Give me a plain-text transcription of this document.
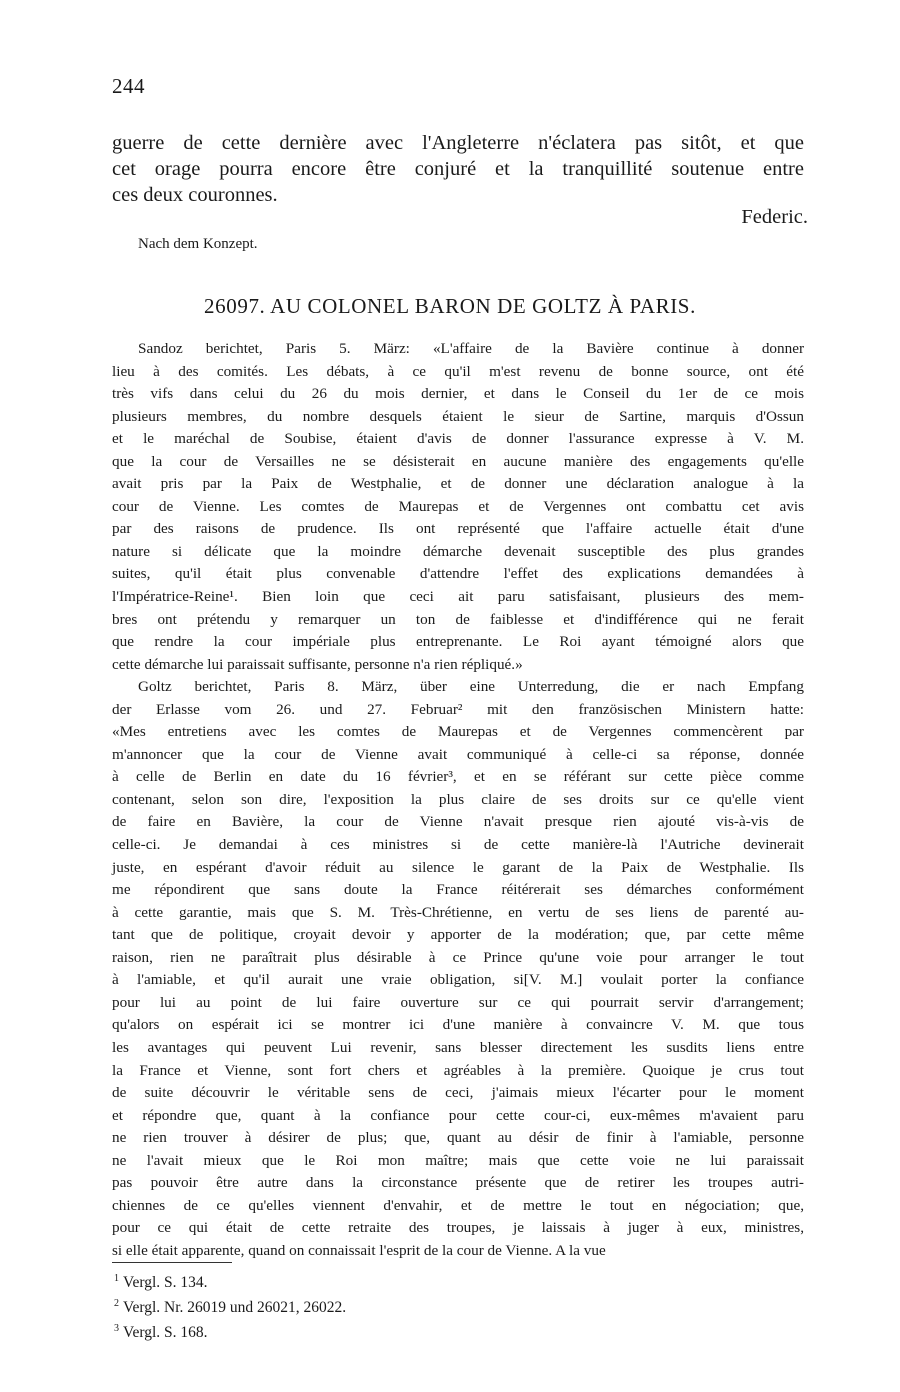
244
guerre de cette dernière avec l'Angleterre n'éclatera pas sitôt, et que
cet orage pourra encore être conjuré et la tranquillité soutenue entre
ces deux couronnes.
Federic.
Nach dem Konzept.
26097. AU COLONEL BARON DE GOLTZ À PARIS.
Sandoz berichtet, Paris 5. März: «L'affaire de la Bavière continue à donner
lieu à des comités. Les débats, à ce qu'il m'est revenu de bonne source, ont été
très vifs dans celui du 26 du mois dernier, et dans le Conseil du 1er de ce mois
plusieurs membres, du nombre desquels étaient le sieur de Sartine, marquis d'Ossun
et le maréchal de Soubise, étaient d'avis de donner l'assurance expresse à V. M.
que la cour de Versailles ne se désisterait en aucune manière des engagements qu'elle
avait pris par la Paix de Westphalie, et de donner une déclaration analogue à la
cour de Vienne. Les comtes de Maurepas et de Vergennes ont combattu cet avis
par des raisons de prudence. Ils ont représenté que l'affaire actuelle était d'une
nature si délicate que la moindre démarche devenait susceptible des plus grandes
suites, qu'il était plus convenable d'attendre l'effet des explications demandées à
l'Impératrice-Reine¹. Bien loin que ceci ait paru satisfaisant, plusieurs des mem-
bres ont prétendu y remarquer un ton de faiblesse et d'indifférence qui ne ferait
que rendre la cour impériale plus entreprenante. Le Roi ayant témoigné alors que
cette démarche lui paraissait suffisante, personne n'a rien répliqué.»
Goltz berichtet, Paris 8. März, über eine Unterredung, die er nach Empfang
der Erlasse vom 26. und 27. Februar² mit den französischen Ministern hatte:
«Mes entretiens avec les comtes de Maurepas et de Vergennes commencèrent par
m'annoncer que la cour de Vienne avait communiqué à celle-ci sa réponse, donnée
à celle de Berlin en date du 16 février³, et en se référant sur cette pièce comme
contenant, selon son dire, l'exposition la plus claire de ses droits sur ce qu'elle vient
de faire en Bavière, la cour de Vienne n'avait presque rien ajouté vis-à-vis de
celle-ci. Je demandai à ces ministres si de cette manière-là l'Autriche devinerait
juste, en espérant d'avoir réduit au silence le garant de la Paix de Westphalie. Ils
me répondirent que sans doute la France réitérerait ses démarches conformément
à cette garantie, mais que S. M. Très-Chrétienne, en vertu de ses liens de parenté au-
tant que de politique, croyait devoir y apporter de la modération; que, par cette même
raison, rien ne paraîtrait plus désirable à ce Prince qu'une voie pour arranger le tout
à l'amiable, et qu'il aurait une vraie obligation, si[V. M.] voulait porter la confiance
pour lui au point de lui faire ouverture sur ce qui pourrait servir d'arrangement;
qu'alors on espérait ici se montrer ici d'une manière à convaincre V. M. que tous
les avantages qui peuvent Lui revenir, sans blesser directement les susdits liens entre
la France et Vienne, sont fort chers et agréables à la première. Quoique je crus tout
de suite découvrir le véritable sens de ceci, j'aimais mieux l'écarter pour le moment
et répondre que, quant à la confiance pour cette cour-ci, eux-mêmes m'avaient paru
ne rien trouver à désirer de plus; que, quant au désir de finir à l'amiable, personne
ne l'avait mieux que le Roi mon maître; mais que cette voie ne lui paraissait
pas pouvoir être autre dans la circonstance présente que de retirer les troupes autri-
chiennes de ce qu'elles viennent d'envahir, et de mettre le tout en négociation; que,
pour ce qui était de cette retraite des troupes, je laissais à juger à eux, ministres,
si elle était apparente, quand on connaissait l'esprit de la cour de Vienne. A la vue
$^1$ Vergl. S. 134.
$^2$ Vergl. Nr. 26019 und 26021, 26022.
$^3$ Vergl. S. 168.
